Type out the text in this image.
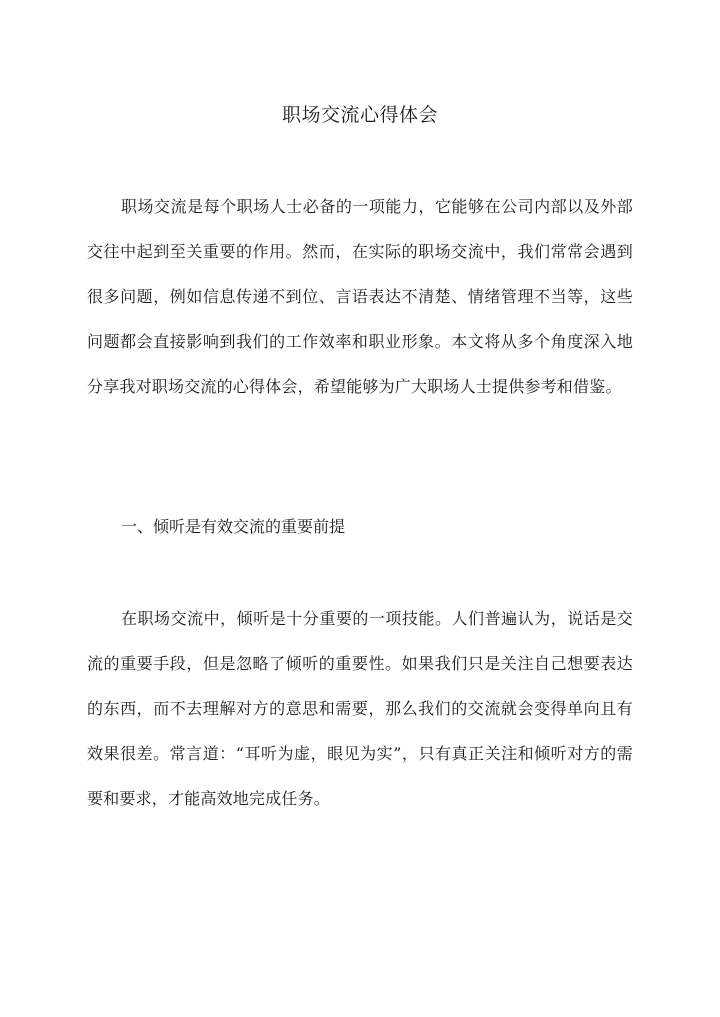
职场交流心得体会

职场交流是每个职场人士必备的一项能力，它能够在公司内部以及外部交往中起到至关重要的作用。然而，在实际的职场交流中，我们常常会遇到很多问题，例如信息传递不到位、言语表达不清楚、情绪管理不当等，这些问题都会直接影响到我们的工作效率和职业形象。本文将从多个角度深入地分享我对职场交流的心得体会，希望能够为广大职场人士提供参考和借鉴。

一、倾听是有效交流的重要前提

在职场交流中，倾听是十分重要的一项技能。人们普遍认为，说话是交流的重要手段，但是忽略了倾听的重要性。如果我们只是关注自己想要表达的东西，而不去理解对方的意思和需要，那么我们的交流就会变得单向且有效果很差。常言道：“耳听为虚，眼见为实”，只有真正关注和倾听对方的需要和要求，才能高效地完成任务。
